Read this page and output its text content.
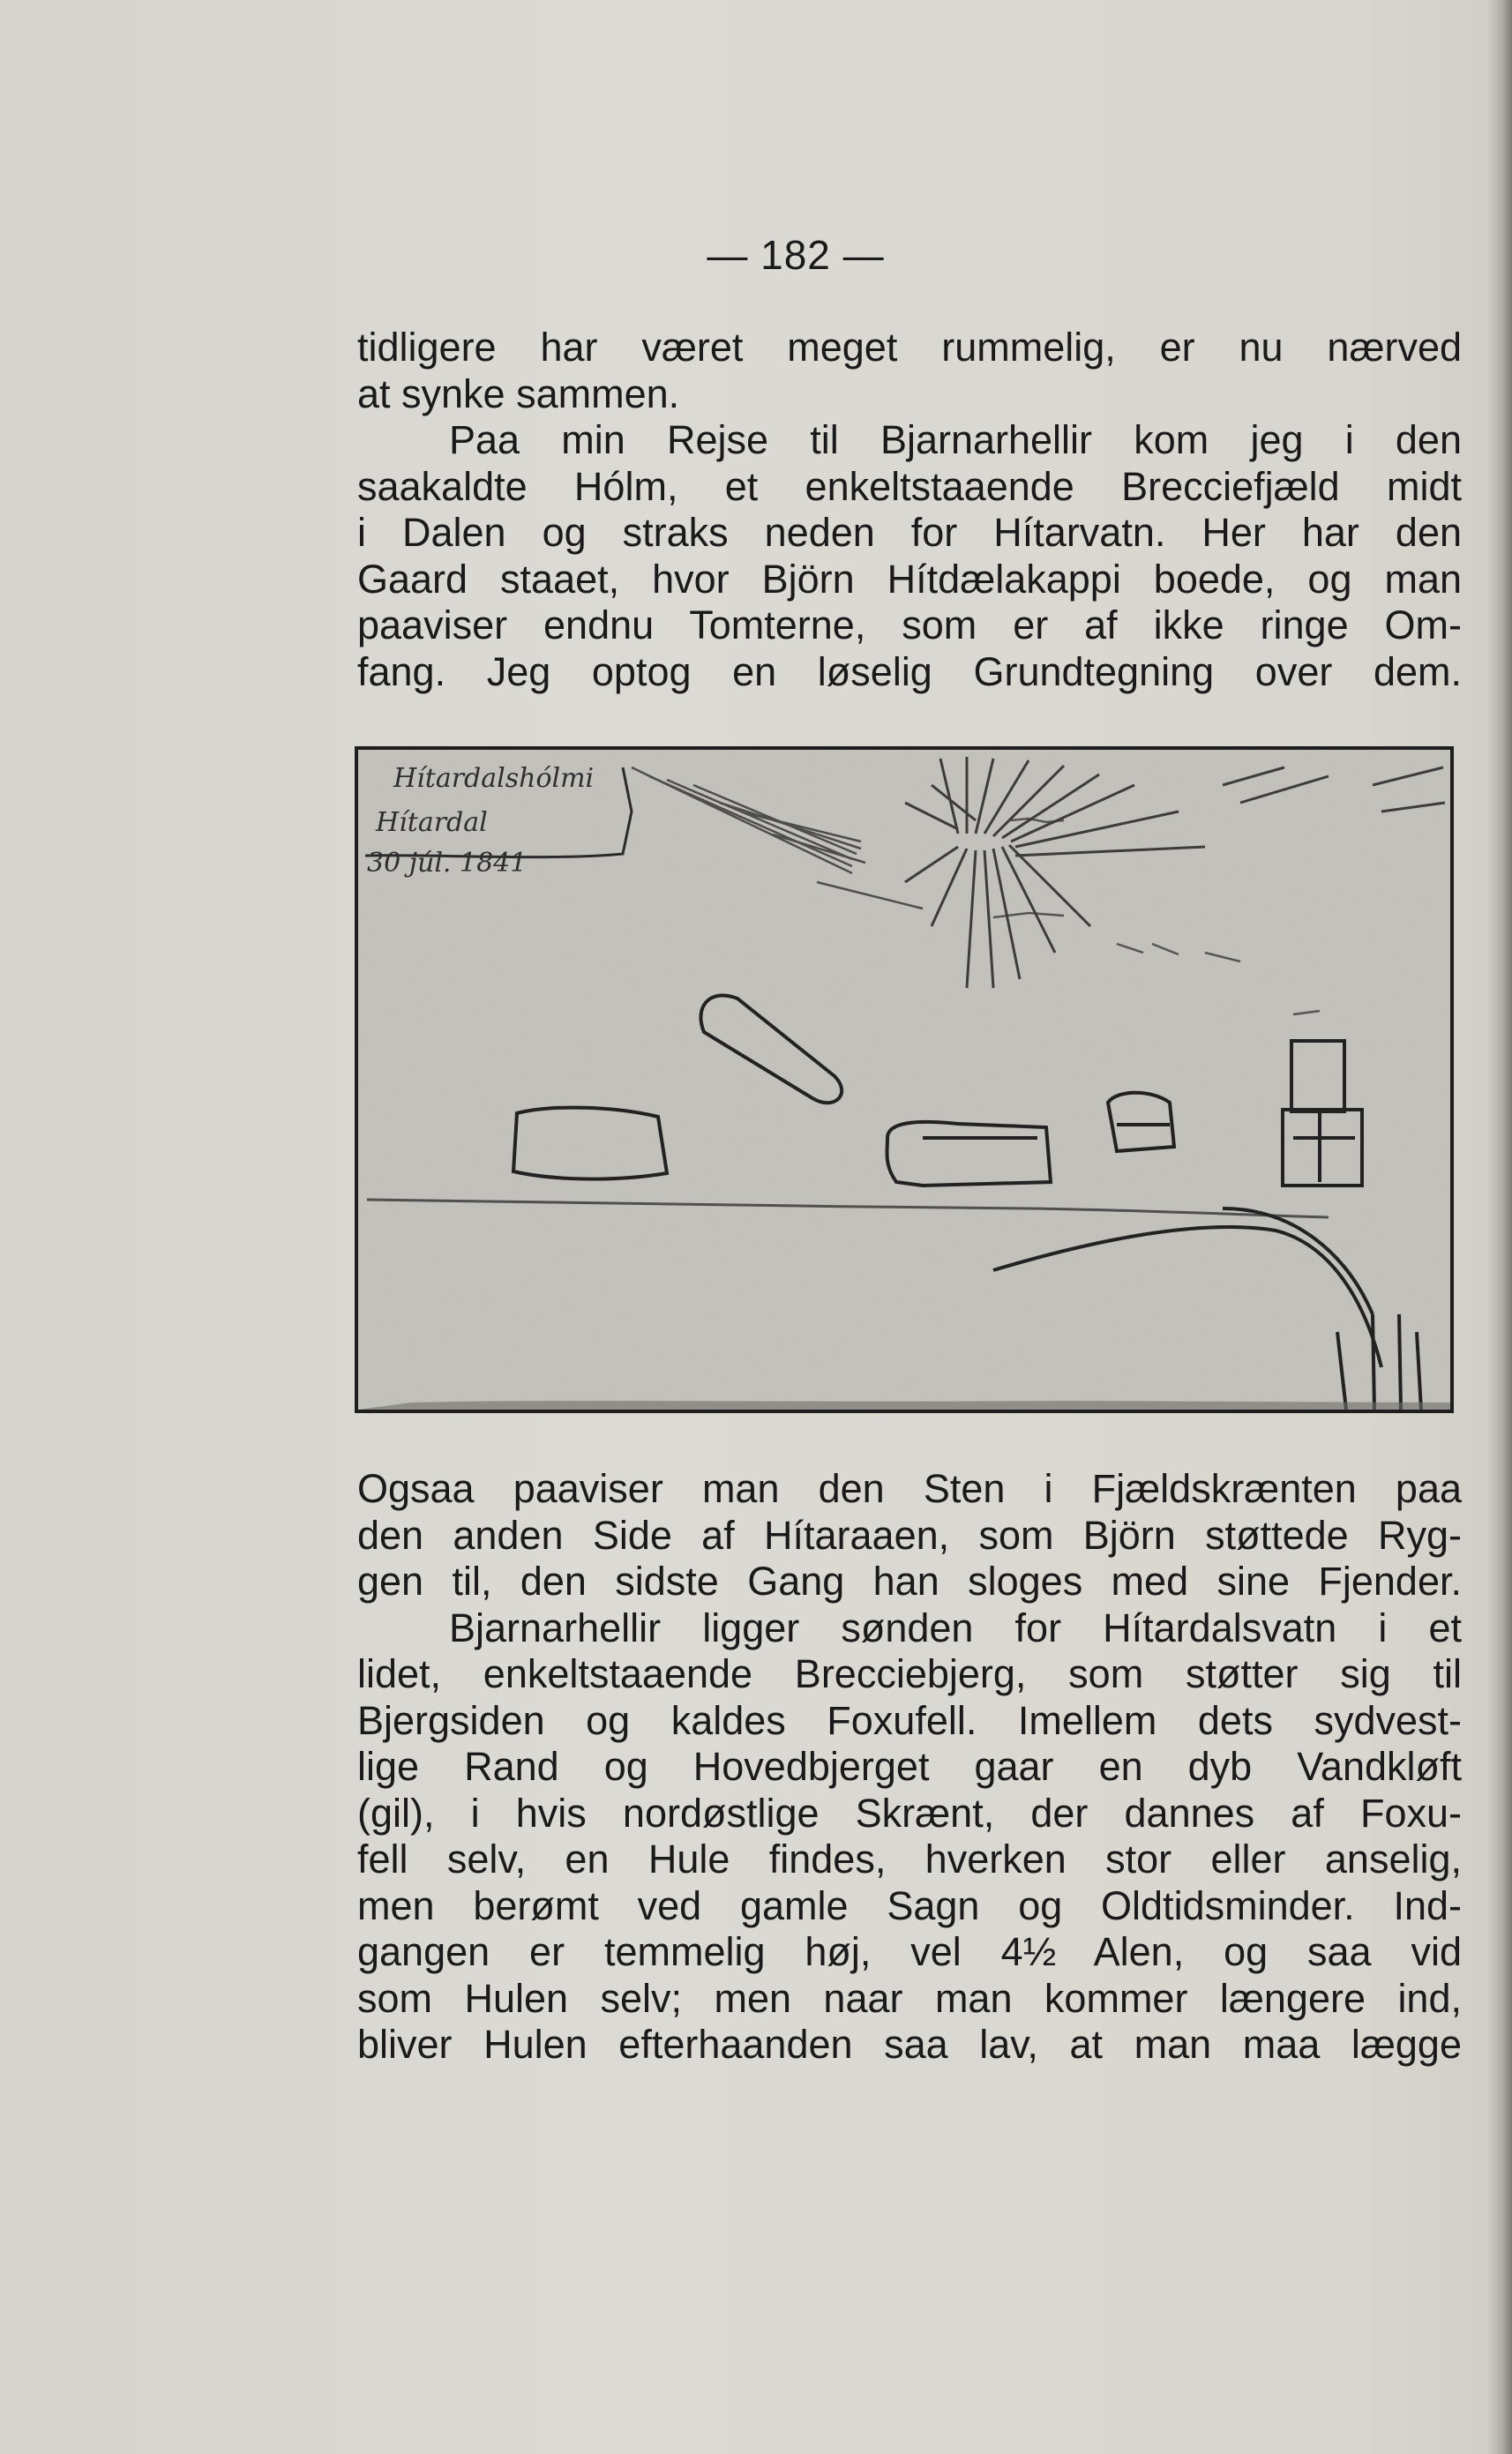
— 182 —
tidligere har været meget rummelig, er nu nærved
at synke sammen.
Paa min Rejse til Bjarnarhellir kom jeg i den
saakaldte Hólm, et enkeltstaaende Brecciefjæld midt
i Dalen og straks neden for Hítarvatn. Her har den
Gaard staaet, hvor Björn Hítdælakappi boede, og man
paaviser endnu Tomterne, som er af ikke ringe Om-
fang. Jeg optog en løselig Grundtegning over dem.
Hítardalshólmi
Hítardal
30 júl. 1841
Ogsaa paaviser man den Sten i Fjældskrænten paa
den anden Side af Hítaraaen, som Björn støttede Ryg-
gen til, den sidste Gang han sloges med sine Fjender.
Bjarnarhellir ligger sønden for Hítardalsvatn i et
lidet, enkeltstaaende Brecciebjerg, som støtter sig til
Bjergsiden og kaldes Foxufell. Imellem dets sydvest-
lige Rand og Hovedbjerget gaar en dyb Vandkløft
(gil), i hvis nordøstlige Skrænt, der dannes af Foxu-
fell selv, en Hule findes, hverken stor eller anselig,
men berømt ved gamle Sagn og Oldtidsminder. Ind-
gangen er temmelig høj, vel 4½ Alen, og saa vid
som Hulen selv; men naar man kommer længere ind,
bliver Hulen efterhaanden saa lav, at man maa lægge
